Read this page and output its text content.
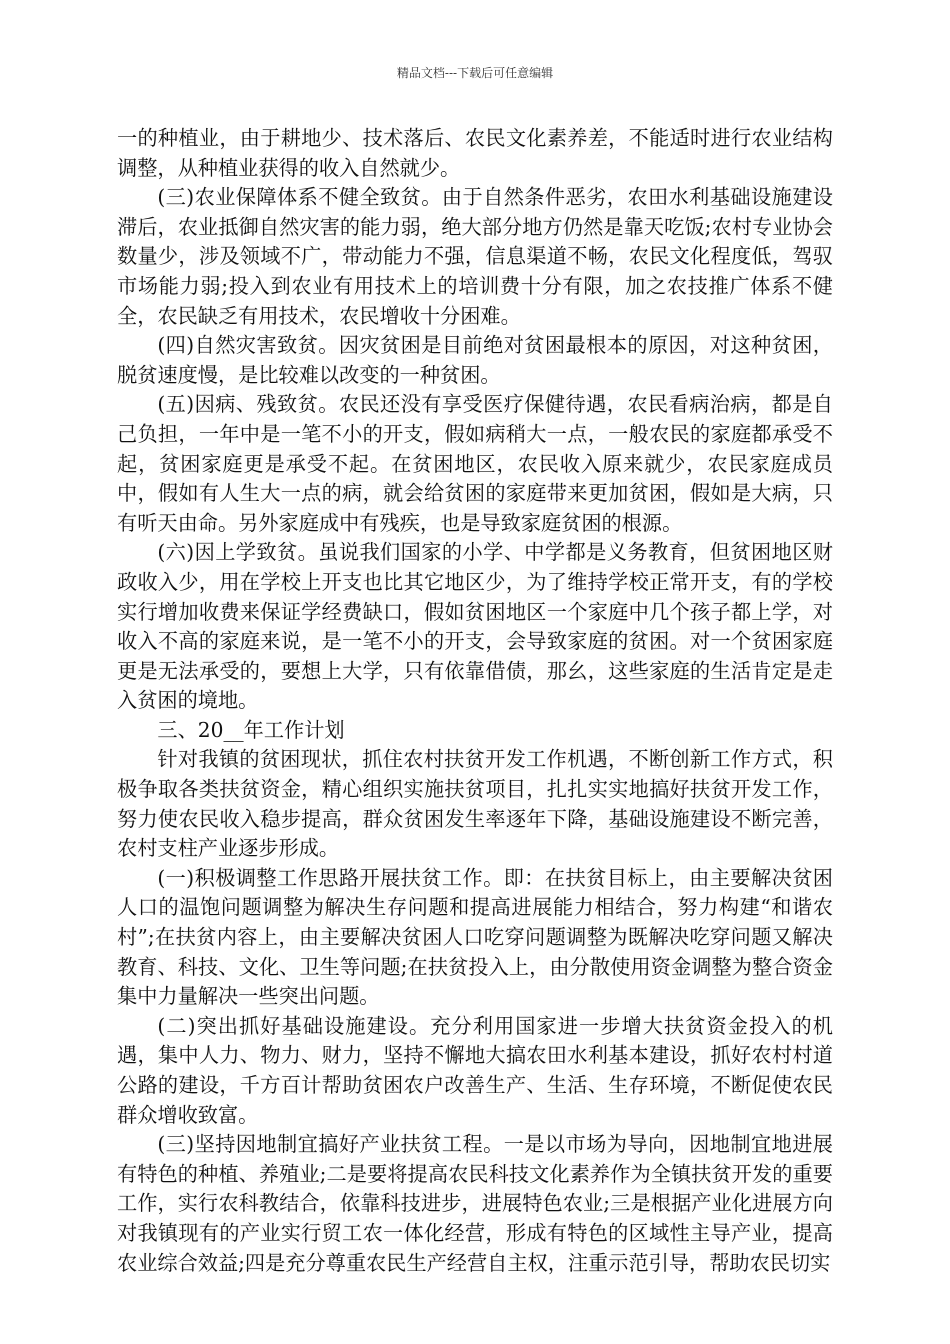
精品文档---下载后可任意编辑

一的种植业，由于耕地少、技术落后、农民文化素养差，不能适时进行农业结构调整，从种植业获得的收入自然就少。

(三)农业保障体系不健全致贫。由于自然条件恶劣，农田水利基础设施建设滞后，农业抵御自然灾害的能力弱，绝大部分地方仍然是靠天吃饭;农村专业协会数量少，涉及领域不广，带动能力不强，信息渠道不畅，农民文化程度低，驾驭市场能力弱;投入到农业有用技术上的培训费十分有限，加之农技推广体系不健全，农民缺乏有用技术，农民增收十分困难。

(四)自然灾害致贫。因灾贫困是目前绝对贫困最根本的原因，对这种贫困，脱贫速度慢，是比较难以改变的一种贫困。

(五)因病、残致贫。农民还没有享受医疗保健待遇，农民看病治病，都是自己负担，一年中是一笔不小的开支，假如病稍大一点，一般农民的家庭都承受不起，贫困家庭更是承受不起。在贫困地区，农民收入原来就少，农民家庭成员中，假如有人生大一点的病，就会给贫困的家庭带来更加贫困，假如是大病，只有听天由命。另外家庭成中有残疾，也是导致家庭贫困的根源。

(六)因上学致贫。虽说我们国家的小学、中学都是义务教育，但贫困地区财政收入少，用在学校上开支也比其它地区少，为了维持学校正常开支，有的学校实行增加收费来保证学经费缺口，假如贫困地区一个家庭中几个孩子都上学，对收入不高的家庭来说，是一笔不小的开支，会导致家庭的贫困。对一个贫困家庭更是无法承受的，要想上大学，只有依靠借债，那幺，这些家庭的生活肯定是走入贫困的境地。

三、20__年工作计划

针对我镇的贫困现状，抓住农村扶贫开发工作机遇，不断创新工作方式，积极争取各类扶贫资金，精心组织实施扶贫项目，扎扎实实地搞好扶贫开发工作，努力使农民收入稳步提高，群众贫困发生率逐年下降，基础设施建设不断完善，农村支柱产业逐步形成。

(一)积极调整工作思路开展扶贫工作。即：在扶贫目标上，由主要解决贫困人口的温饱问题调整为解决生存问题和提高进展能力相结合，努力构建“和谐农村”;在扶贫内容上，由主要解决贫困人口吃穿问题调整为既解决吃穿问题又解决教育、科技、文化、卫生等问题;在扶贫投入上，由分散使用资金调整为整合资金集中力量解决一些突出问题。

(二)突出抓好基础设施建设。充分利用国家进一步增大扶贫资金投入的机遇，集中人力、物力、财力，坚持不懈地大搞农田水利基本建设，抓好农村村道公路的建设，千方百计帮助贫困农户改善生产、生活、生存环境，不断促使农民群众增收致富。

(三)坚持因地制宜搞好产业扶贫工程。一是以市场为导向，因地制宜地进展有特色的种植、养殖业;二是要将提高农民科技文化素养作为全镇扶贫开发的重要工作，实行农科教结合，依靠科技进步，进展特色农业;三是根据产业化进展方向对我镇现有的产业实行贸工农一体化经营，形成有特色的区域性主导产业，提高农业综合效益;四是充分尊重农民生产经营自主权，注重示范引导，帮助农民切实
